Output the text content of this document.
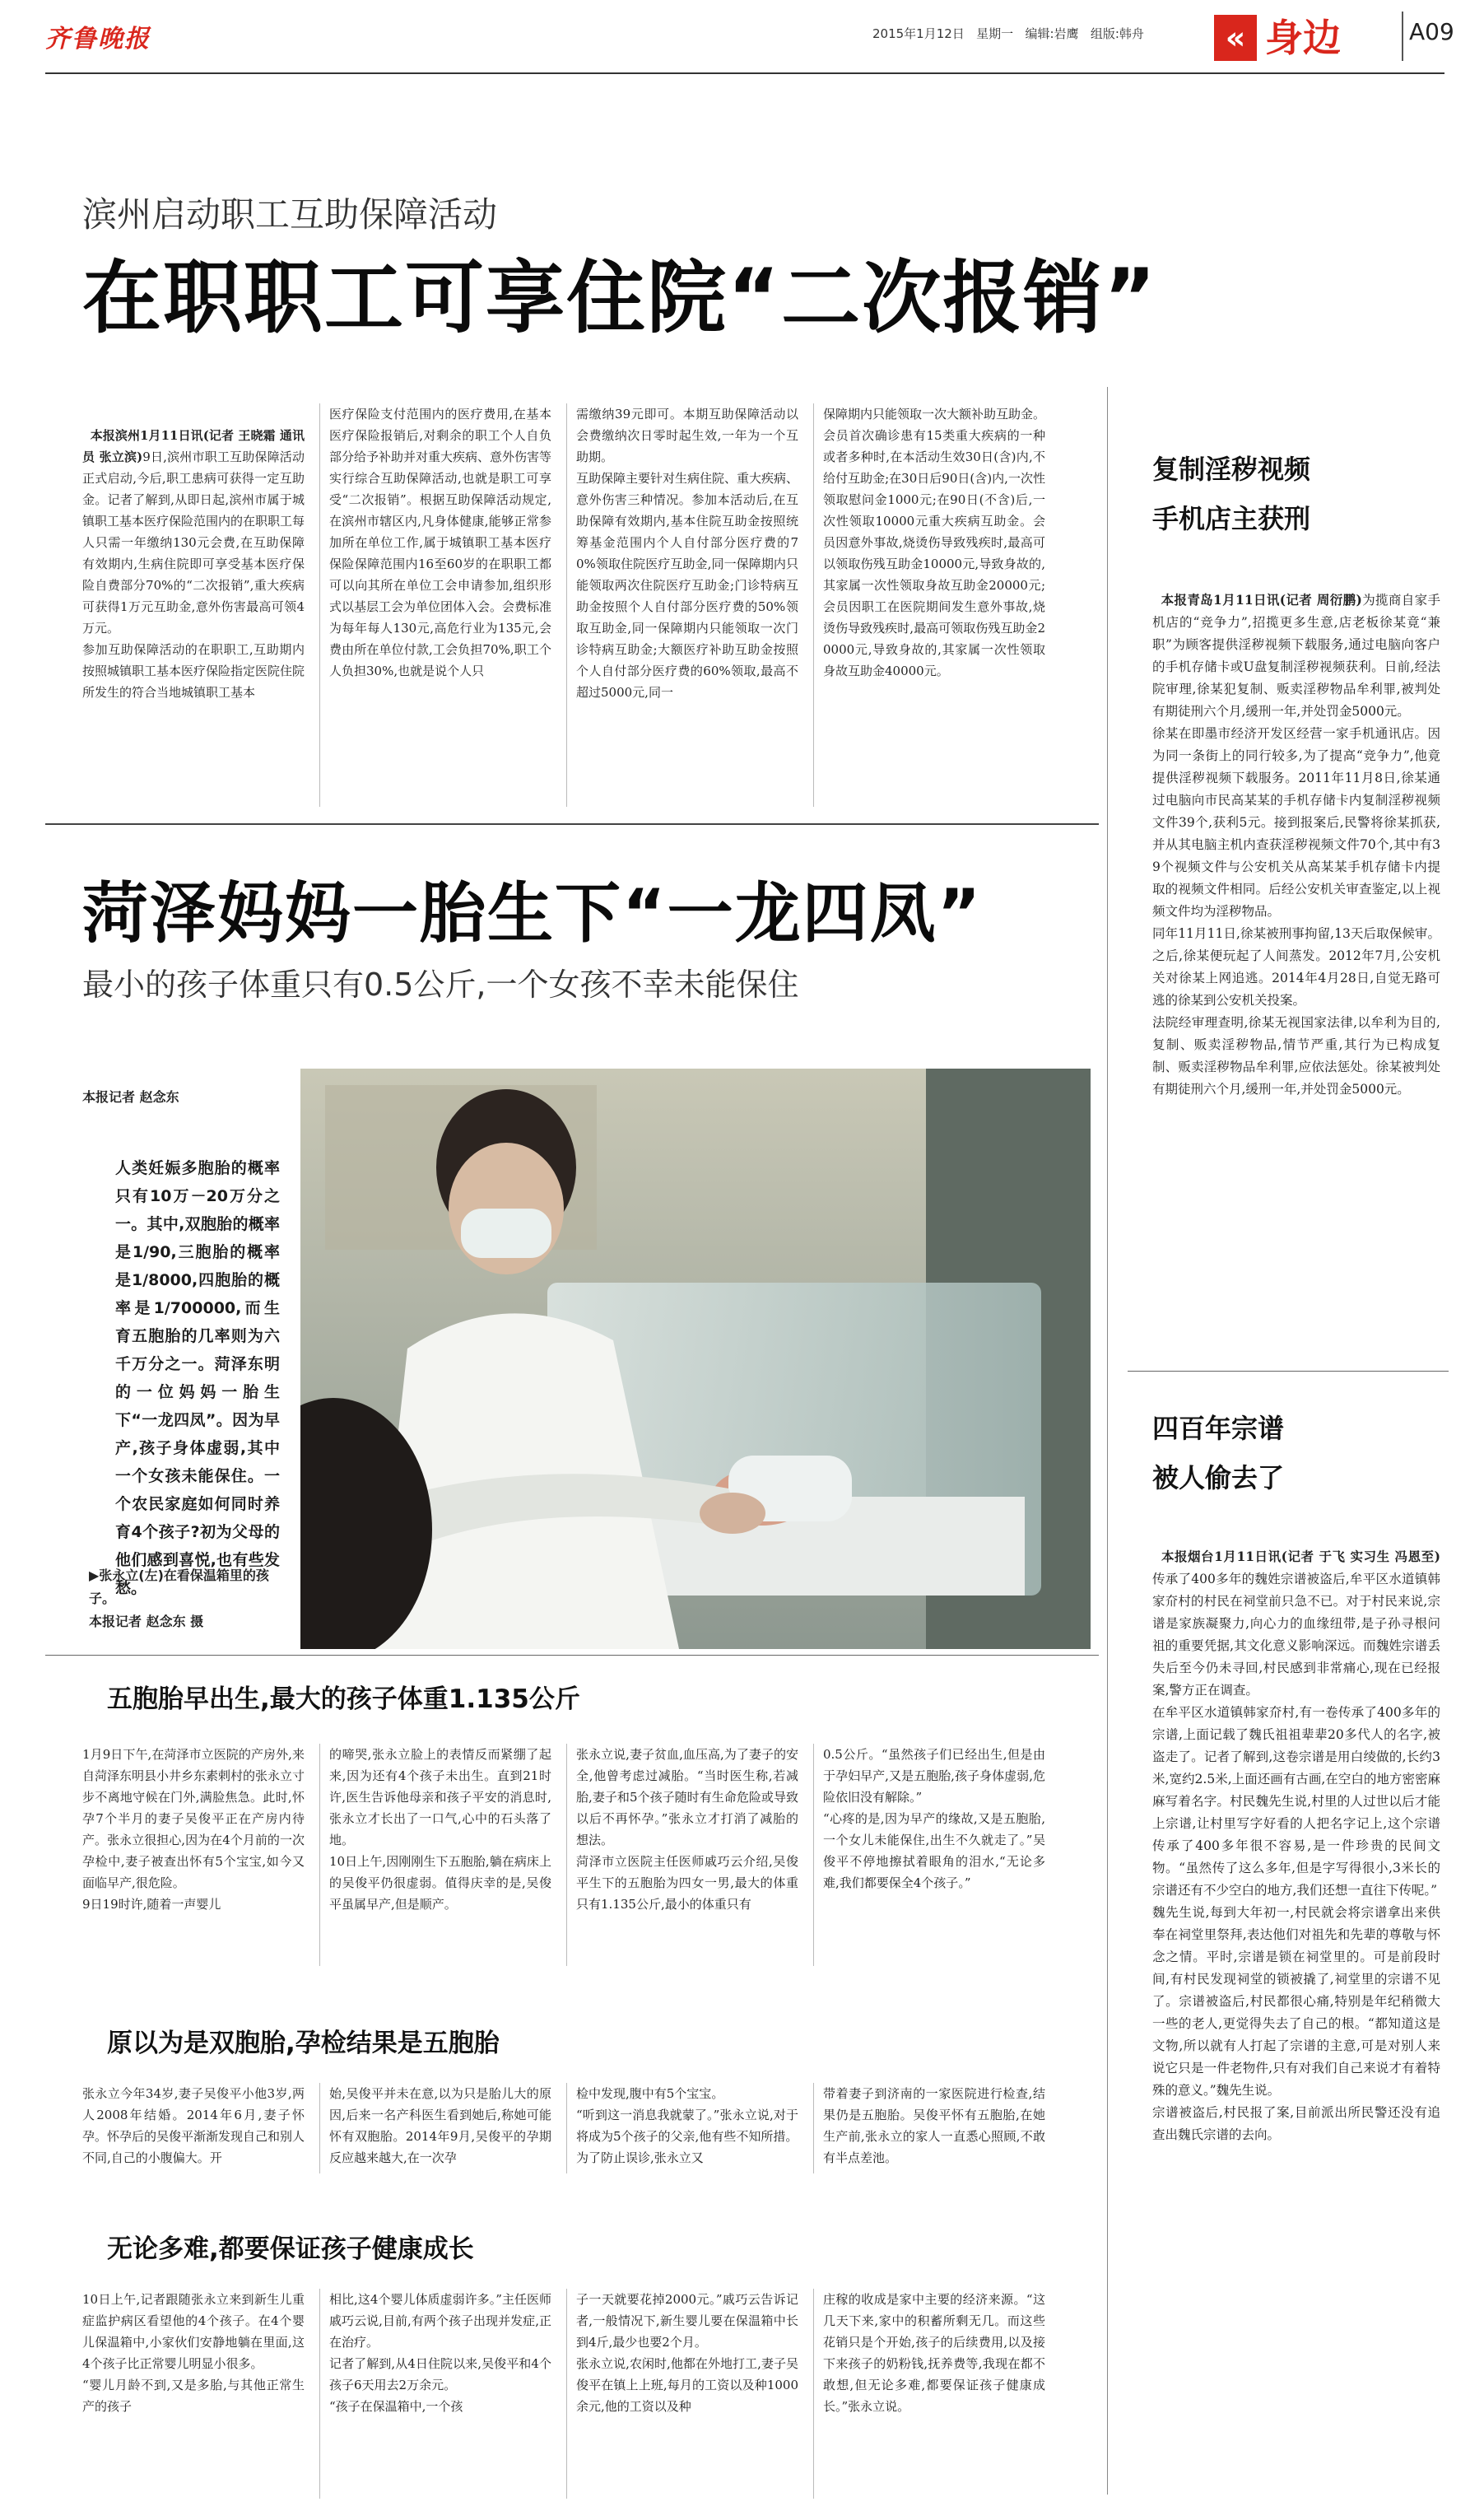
齐鲁晚报	2015年1月12日 星期一 编辑:岩鹰 组版:韩舟	« 身边	A09
滨州启动职工互助保障活动
在职职工可享住院“二次报销”

本报滨州1月11日讯(记者 王晓霜 通讯员 张立滨)9日,滨州市职工互助保障活动正式启动,今后,职工患病可获得一定互助金。记者了解到,从即日起,滨州市属于城镇职工基本医疗保险范围内的在职职工每人只需一年缴纳130元会费,在互助保障有效期内,生病住院即可享受基本医疗保险自费部分70%的“二次报销”,重大疾病可获得1万元互助金,意外伤害最高可领4万元。
参加互助保障活动的在职职工,互助期内按照城镇职工基本医疗保险指定医院住院所发生的符合当地城镇职工基本

医疗保险支付范围内的医疗费用,在基本医疗保险报销后,对剩余的职工个人自负部分给予补助并对重大疾病、意外伤害等实行综合互助保障活动,也就是职工可享受“二次报销”。根据互助保障活动规定,在滨州市辖区内,凡身体健康,能够正常参加所在单位工作,属于城镇职工基本医疗保险保障范围内16至60岁的在职职工都可以向其所在单位工会申请参加,组织形式以基层工会为单位团体入会。会费标准为每年每人130元,高危行业为135元,会费由所在单位付款,工会负担70%,职工个人负担30%,也就是说个人只
需缴纳39元即可。本期互助保障活动以会费缴纳次日零时起生效,一年为一个互助期。
互助保障主要针对生病住院、重大疾病、意外伤害三种情况。参加本活动后,在互助保障有效期内,基本住院互助金按照统筹基金范围内个人自付部分医疗费的70%领取住院医疗互助金,同一保障期内只能领取两次住院医疗互助金;门诊特病互助金按照个人自付部分医疗费的50%领取互助金,同一保障期内只能领取一次门诊特病互助金;大额医疗补助互助金按照个人自付部分医疗费的60%领取,最高不超过5000元,同一
保障期内只能领取一次大额补助互助金。会员首次确诊患有15类重大疾病的一种或者多种时,在本活动生效30日(含)内,不给付互助金;在30日后90日(含)内,一次性领取慰问金1000元;在90日(不含)后,一次性领取10000元重大疾病互助金。会员因意外事故,烧烫伤导致残疾时,最高可以领取伤残互助金10000元,导致身故的,其家属一次性领取身故互助金20000元;会员因职工在医院期间发生意外事故,烧烫伤导致残疾时,最高可领取伤残互助金20000元,导致身故的,其家属一次性领取身故互助金40000元。
菏泽妈妈一胎生下“一龙四凤”
最小的孩子体重只有0.5公斤,一个女孩不幸未能保住
本报记者 赵念东
人类妊娠多胞胎的概率只有10万－20万分之一。其中,双胞胎的概率是1/90,三胞胎的概率是1/8000,四胞胎的概率是1/700000,而生育五胞胎的几率则为六千万分之一。菏泽东明的一位妈妈一胎生下“一龙四凤”。因为早产,孩子身体虚弱,其中一个女孩未能保住。一个农民家庭如何同时养育4个孩子?初为父母的他们感到喜悦,也有些发愁。
▶张永立(左)在看保温箱里的孩子。
本报记者 赵念东 摄
五胞胎早出生,最大的孩子体重1.135公斤
1月9日下午,在菏泽市立医院的产房外,来自菏泽东明县小井乡东素剌村的张永立寸步不离地守候在门外,满脸焦急。此时,怀孕7个半月的妻子吴俊平正在产房内待产。张永立很担心,因为在4个月前的一次孕检中,妻子被查出怀有5个宝宝,如今又面临早产,很危险。
9日19时许,随着一声婴儿
的啼哭,张永立脸上的表情反而紧绷了起来,因为还有4个孩子未出生。直到21时许,医生告诉他母亲和孩子平安的消息时,张永立才长出了一口气,心中的石头落了地。
10日上午,因刚刚生下五胞胎,躺在病床上的吴俊平仍很虚弱。值得庆幸的是,吴俊平虽属早产,但是顺产。
张永立说,妻子贫血,血压高,为了妻子的安全,他曾考虑过减胎。“当时医生称,若减胎,妻子和5个孩子随时有生命危险或导致以后不再怀孕。”张永立才打消了减胎的想法。
菏泽市立医院主任医师戚巧云介绍,吴俊平生下的五胞胎为四女一男,最大的体重只有1.135公斤,最小的体重只有
0.5公斤。“虽然孩子们已经出生,但是由于孕妇早产,又是五胞胎,孩子身体虚弱,危险依旧没有解除。”
“心疼的是,因为早产的缘故,又是五胞胎,一个女儿未能保住,出生不久就走了。”吴俊平不停地擦拭着眼角的泪水,“无论多难,我们都要保全4个孩子。”
原以为是双胞胎,孕检结果是五胞胎
张永立今年34岁,妻子吴俊平小他3岁,两人2008年结婚。2014年6月,妻子怀孕。怀孕后的吴俊平渐渐发现自己和别人不同,自己的小腹偏大。开
始,吴俊平并未在意,以为只是胎儿大的原因,后来一名产科医生看到她后,称她可能怀有双胞胎。2014年9月,吴俊平的孕期反应越来越大,在一次孕
检中发现,腹中有5个宝宝。
“听到这一消息我就蒙了。”张永立说,对于将成为5个孩子的父亲,他有些不知所措。
为了防止误诊,张永立又
带着妻子到济南的一家医院进行检查,结果仍是五胞胎。吴俊平怀有五胞胎,在她生产前,张永立的家人一直悉心照顾,不敢有半点差池。
无论多难,都要保证孩子健康成长
10日上午,记者跟随张永立来到新生儿重症监护病区看望他的4个孩子。在4个婴儿保温箱中,小家伙们安静地躺在里面,这4个孩子比正常婴儿明显小很多。
“婴儿月龄不到,又是多胎,与其他正常生产的孩子
相比,这4个婴儿体质虚弱许多。”主任医师戚巧云说,目前,有两个孩子出现并发症,正在治疗。
记者了解到,从4日住院以来,吴俊平和4个孩子6天用去2万余元。
“孩子在保温箱中,一个孩
子一天就要花掉2000元。”戚巧云告诉记者,一般情况下,新生婴儿要在保温箱中长到4斤,最少也要2个月。
张永立说,农闲时,他都在外地打工,妻子吴俊平在镇上上班,每月的工资以及种1000余元,他的工资以及种
庄稼的收成是家中主要的经济来源。“这几天下来,家中的积蓄所剩无几。而这些花销只是个开始,孩子的后续费用,以及接下来孩子的奶粉钱,抚养费等,我现在都不敢想,但无论多难,都要保证孩子健康成长。”张永立说。
复制淫秽视频
手机店主获刑

本报青岛1月11日讯(记者 周衍鹏)为揽商自家手机店的“竞争力”,招揽更多生意,店老板徐某竟“兼职”为顾客提供淫秽视频下载服务,通过电脑向客户的手机存储卡或U盘复制淫秽视频获利。日前,经法院审理,徐某犯复制、贩卖淫秽物品牟利罪,被判处有期徒刑六个月,缓刑一年,并处罚金5000元。
徐某在即墨市经济开发区经营一家手机通讯店。因为同一条街上的同行较多,为了提高“竞争力”,他竟提供淫秽视频下载服务。2011年11月8日,徐某通过电脑向市民高某某的手机存储卡内复制淫秽视频文件39个,获利5元。接到报案后,民警将徐某抓获,并从其电脑主机内查获淫秽视频文件70个,其中有39个视频文件与公安机关从高某某手机存储卡内提取的视频文件相同。后经公安机关审查鉴定,以上视频文件均为淫秽物品。
同年11月11日,徐某被刑事拘留,13天后取保候审。之后,徐某便玩起了人间蒸发。2012年7月,公安机关对徐某上网追逃。2014年4月28日,自觉无路可逃的徐某到公安机关投案。
法院经审理查明,徐某无视国家法律,以牟利为目的,复制、贩卖淫秽物品,情节严重,其行为已构成复制、贩卖淫秽物品牟利罪,应依法惩处。徐某被判处有期徒刑六个月,缓刑一年,并处罚金5000元。

四百年宗谱
被人偷去了

本报烟台1月11日讯(记者 于飞 实习生 冯恩至)传承了400多年的魏姓宗谱被盗后,牟平区水道镇韩家夼村的村民在祠堂前只急不已。对于村民来说,宗谱是家族凝聚力,向心力的血缘纽带,是子孙寻根问祖的重要凭据,其文化意义影响深远。而魏姓宗谱丢失后至今仍未寻回,村民感到非常痛心,现在已经报案,警方正在调查。
在牟平区水道镇韩家夼村,有一卷传承了400多年的宗谱,上面记载了魏氏祖祖辈辈20多代人的名字,被盗走了。记者了解到,这卷宗谱是用白绫做的,长约3米,宽约2.5米,上面还画有古画,在空白的地方密密麻麻写着名字。村民魏先生说,村里的人过世以后才能上宗谱,让村里写字好看的人把名字记上,这个宗谱传承了400多年很不容易,是一件珍贵的民间文物。“虽然传了这么多年,但是字写得很小,3米长的宗谱还有不少空白的地方,我们还想一直往下传呢。”
魏先生说,每到大年初一,村民就会将宗谱拿出来供奉在祠堂里祭拜,表达他们对祖先和先辈的尊敬与怀念之情。平时,宗谱是锁在祠堂里的。可是前段时间,有村民发现祠堂的锁被撬了,祠堂里的宗谱不见了。宗谱被盗后,村民都很心痛,特别是年纪稍微大一些的老人,更觉得失去了自己的根。“都知道这是文物,所以就有人打起了宗谱的主意,可是对别人来说它只是一件老物件,只有对我们自己来说才有着特殊的意义。”魏先生说。
宗谱被盗后,村民报了案,目前派出所民警还没有追查出魏氏宗谱的去向。
